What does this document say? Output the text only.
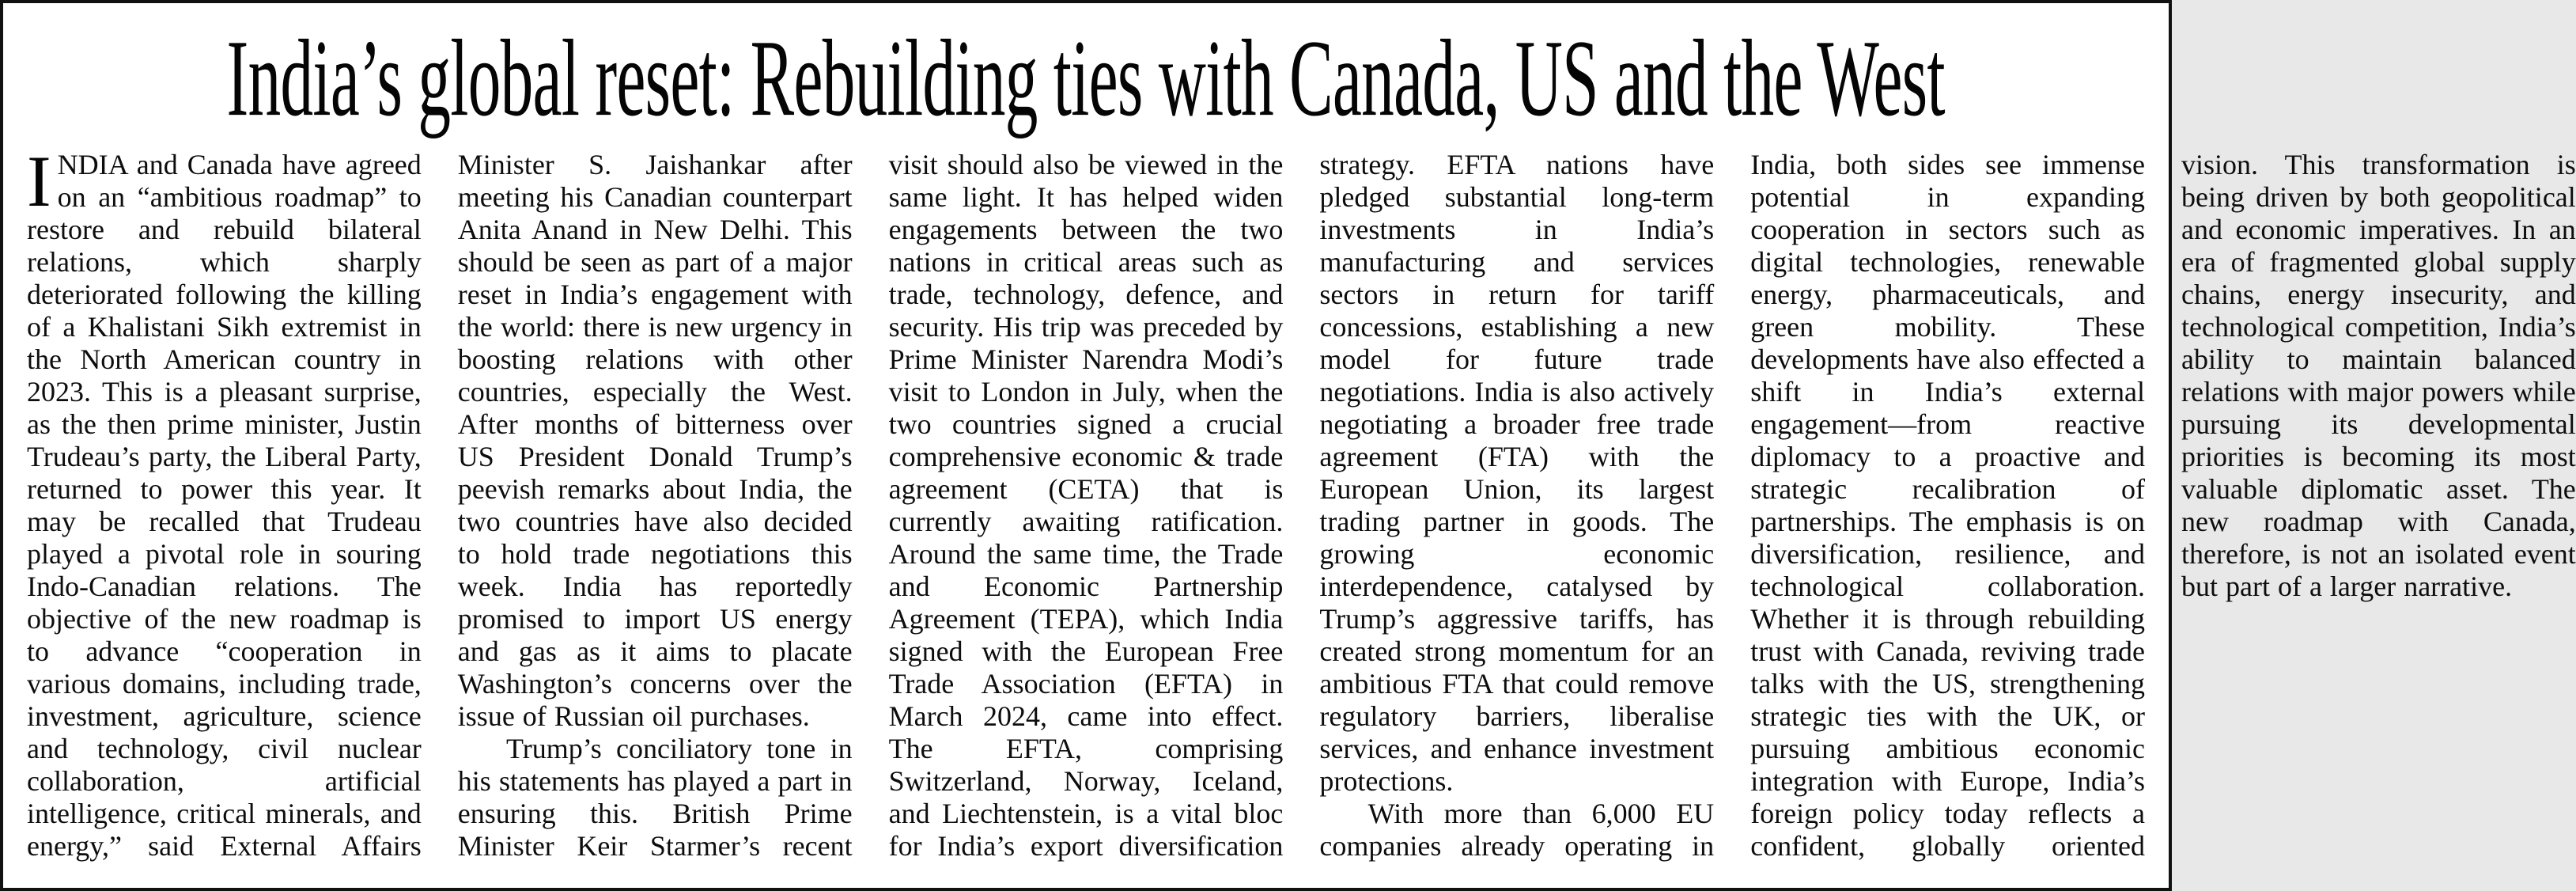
India’s global reset: Rebuilding ties with Canada, US and the West

INDIA and Canada have agreed on an “ambitious roadmap” to restore and rebuild bilateral relations, which sharply deteriorated following the killing of a Khalistani Sikh extremist in the North American country in 2023. This is a pleasant surprise, as the then prime minister, Justin Trudeau’s party, the Liberal Party, returned to power this year. It may be recalled that Trudeau played a pivotal role in souring Indo-Canadian relations. The objective of the new roadmap is to advance “cooperation in various domains, including trade, investment, agriculture, science and technology, civil nuclear collaboration, artificial intelligence, critical minerals, and energy,” said External Affairs Minister S. Jaishankar after meeting his Canadian counterpart Anita Anand in New Delhi. This should be seen as part of a major reset in India’s engagement with the world: there is new urgency in boosting relations with other countries, especially the West. After months of bitterness over US President Donald Trump’s peevish remarks about India, the two countries have also decided to hold trade negotiations this week. India has reportedly promised to import US energy and gas as it aims to placate Washington’s concerns over the issue of Russian oil purchases.

Trump’s conciliatory tone in his statements has played a part in ensuring this. British Prime Minister Keir Starmer’s recent visit should also be viewed in the same light. It has helped widen engagements between the two nations in critical areas such as trade, technology, defence, and security. His trip was preceded by Prime Minister Narendra Modi’s visit to London in July, when the two countries signed a crucial comprehensive economic & trade agreement (CETA) that is currently awaiting ratification. Around the same time, the Trade and Economic Partnership Agreement (TEPA), which India signed with the European Free Trade Association (EFTA) in March 2024, came into effect. The EFTA, comprising Switzerland, Norway, Iceland, and Liechtenstein, is a vital bloc for India’s export diversification strategy. EFTA nations have pledged substantial long-term investments in India’s manufacturing and services sectors in return for tariff concessions, establishing a new model for future trade negotiations. India is also actively negotiating a broader free trade agreement (FTA) with the European Union, its largest trading partner in goods. The growing economic interdependence, catalysed by Trump’s aggressive tariffs, has created strong momentum for an ambitious FTA that could remove regulatory barriers, liberalise services, and enhance investment protections.

With more than 6,000 EU companies already operating in India, both sides see immense potential in expanding cooperation in sectors such as digital technologies, renewable energy, pharmaceuticals, and green mobility. These developments have also effected a shift in India’s external engagement—from reactive diplomacy to a proactive and strategic recalibration of partnerships. The emphasis is on diversification, resilience, and technological collaboration. Whether it is through rebuilding trust with Canada, reviving trade talks with the US, strengthening strategic ties with the UK, or pursuing ambitious economic integration with Europe, India’s foreign policy today reflects a confident, globally oriented vision. This transformation is being driven by both geopolitical and economic imperatives. In an era of fragmented global supply chains, energy insecurity, and technological competition, India’s ability to maintain balanced relations with major powers while pursuing its developmental priorities is becoming its most valuable diplomatic asset. The new roadmap with Canada, therefore, is not an isolated event but part of a larger narrative.
